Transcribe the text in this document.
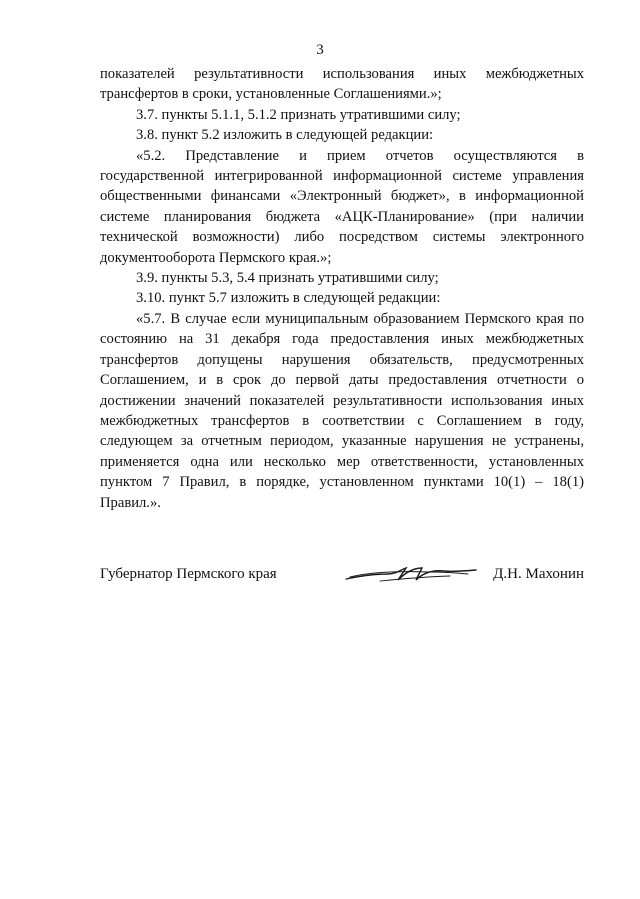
3

показателей результативности использования иных межбюджетных трансфертов в сроки, установленные Соглашениями.»;

3.7. пункты 5.1.1, 5.1.2 признать утратившими силу;

3.8. пункт 5.2 изложить в следующей редакции:

«5.2. Представление и прием отчетов осуществляются в государственной интегрированной информационной системе управления общественными финансами «Электронный бюджет», в информационной системе планирования бюджета «АЦК-Планирование» (при наличии технической возможности) либо посредством системы электронного документооборота Пермского края.»;

3.9. пункты 5.3, 5.4 признать утратившими силу;

3.10. пункт 5.7 изложить в следующей редакции:

«5.7. В случае если муниципальным образованием Пермского края по состоянию на 31 декабря года предоставления иных межбюджетных трансфертов допущены нарушения обязательств, предусмотренных Соглашением, и в срок до первой даты предоставления отчетности о достижении значений показателей результативности использования иных межбюджетных трансфертов в соответствии с Соглашением в году, следующем за отчетным периодом, указанные нарушения не устранены, применяется одна или несколько мер ответственности, установленных пунктом 7 Правил, в порядке, установленном пунктами 10(1) – 18(1) Правил.».

Губернатор Пермского края	Д.Н. Махонин
